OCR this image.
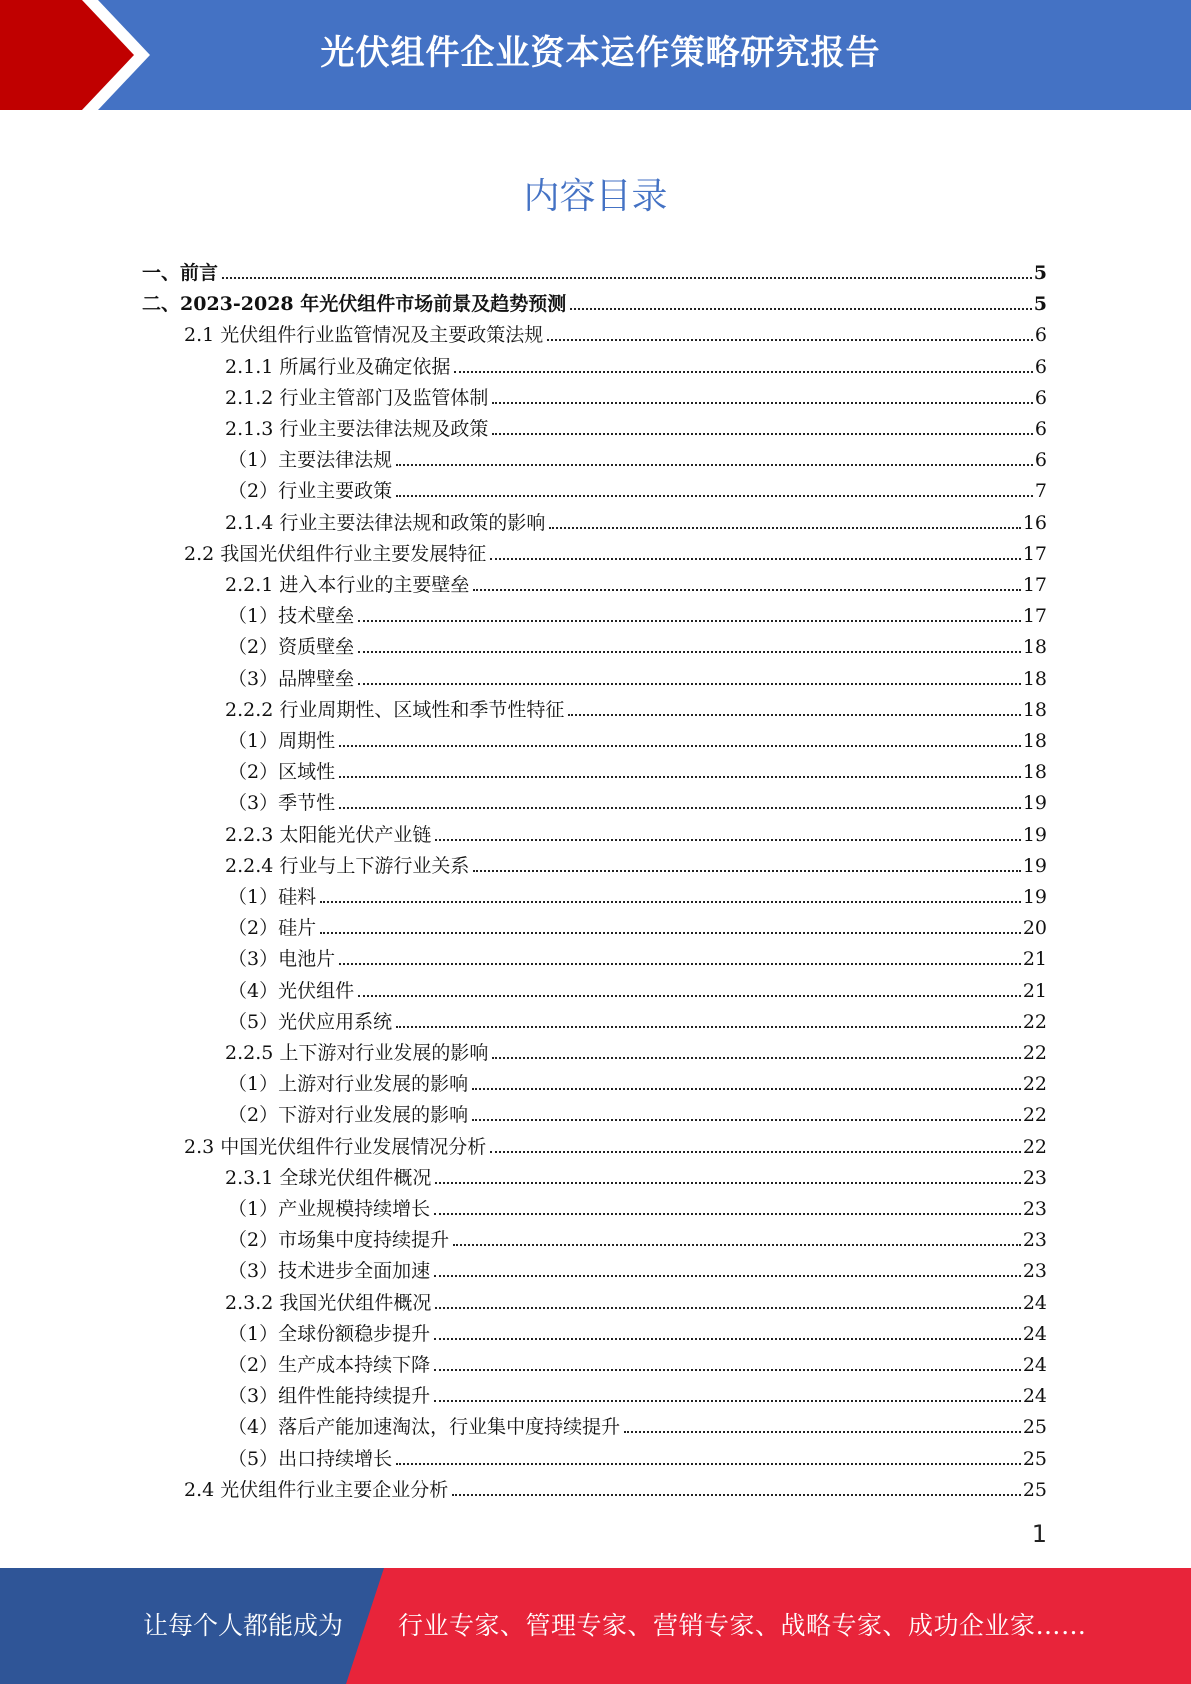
光伏组件企业资本运作策略研究报告
内容目录
一、前言	5
二、2023-2028 年光伏组件市场前景及趋势预测	5
2.1 光伏组件行业监管情况及主要政策法规	6
2.1.1 所属行业及确定依据	6
2.1.2 行业主管部门及监管体制	6
2.1.3 行业主要法律法规及政策	6
（1）主要法律法规	6
（2）行业主要政策	7
2.1.4 行业主要法律法规和政策的影响	16
2.2 我国光伏组件行业主要发展特征	17
2.2.1 进入本行业的主要壁垒	17
（1）技术壁垒	17
（2）资质壁垒	18
（3）品牌壁垒	18
2.2.2 行业周期性、区域性和季节性特征	18
（1）周期性	18
（2）区域性	18
（3）季节性	19
2.2.3 太阳能光伏产业链	19
2.2.4 行业与上下游行业关系	19
（1）硅料	19
（2）硅片	20
（3）电池片	21
（4）光伏组件	21
（5）光伏应用系统	22
2.2.5 上下游对行业发展的影响	22
（1）上游对行业发展的影响	22
（2）下游对行业发展的影响	22
2.3 中国光伏组件行业发展情况分析	22
2.3.1 全球光伏组件概况	23
（1）产业规模持续增长	23
（2）市场集中度持续提升	23
（3）技术进步全面加速	23
2.3.2 我国光伏组件概况	24
（1）全球份额稳步提升	24
（2）生产成本持续下降	24
（3）组件性能持续提升	24
（4）落后产能加速淘汰，行业集中度持续提升	25
（5）出口持续增长	25
2.4 光伏组件行业主要企业分析	25
1
让每个人都能成为 行业专家、管理专家、营销专家、战略专家、成功企业家……
